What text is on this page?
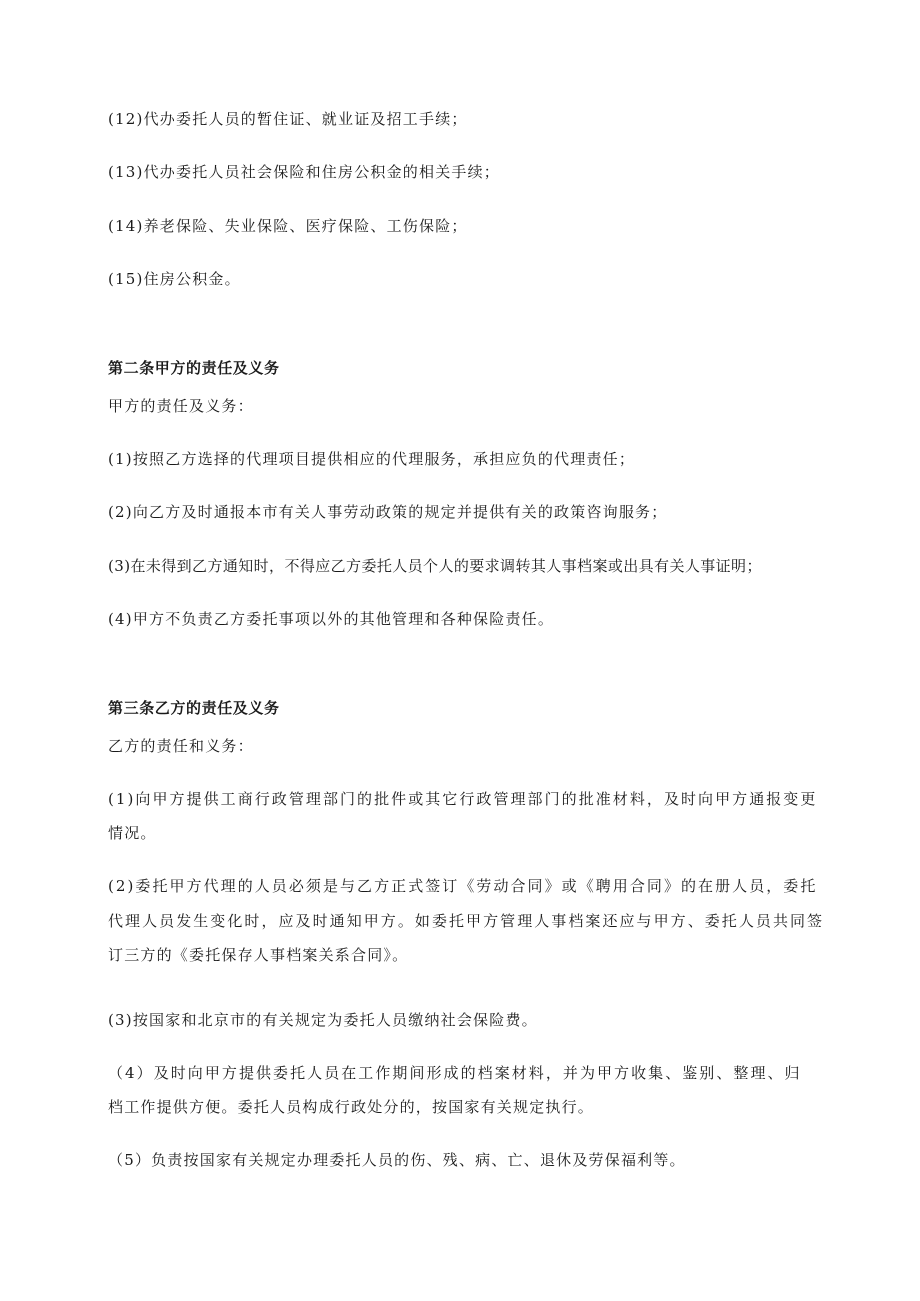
(12)代办委托人员的暂住证、就业证及招工手续；
(13)代办委托人员社会保险和住房公积金的相关手续；
(14)养老保险、失业保险、医疗保险、工伤保险；
(15)住房公积金。
第二条甲方的责任及义务
甲方的责任及义务：
(1)按照乙方选择的代理项目提供相应的代理服务，承担应负的代理责任；
(2)向乙方及时通报本市有关人事劳动政策的规定并提供有关的政策咨询服务；
(3)在未得到乙方通知时，不得应乙方委托人员个人的要求调转其人事档案或出具有关人事证明；
(4)甲方不负责乙方委托事项以外的其他管理和各种保险责任。
第三条乙方的责任及义务
乙方的责任和义务：
(1)向甲方提供工商行政管理部门的批件或其它行政管理部门的批准材料，及时向甲方通报变更
情况。
(2)委托甲方代理的人员必须是与乙方正式签订《劳动合同》或《聘用合同》的在册人员，委托
代理人员发生变化时，应及时通知甲方。如委托甲方管理人事档案还应与甲方、委托人员共同签
订三方的《委托保存人事档案关系合同》。
(3)按国家和北京市的有关规定为委托人员缴纳社会保险费。
（4）及时向甲方提供委托人员在工作期间形成的档案材料，并为甲方收集、鉴别、整理、归
档工作提供方便。委托人员构成行政处分的，按国家有关规定执行。
（5）负责按国家有关规定办理委托人员的伤、残、病、亡、退休及劳保福利等。
